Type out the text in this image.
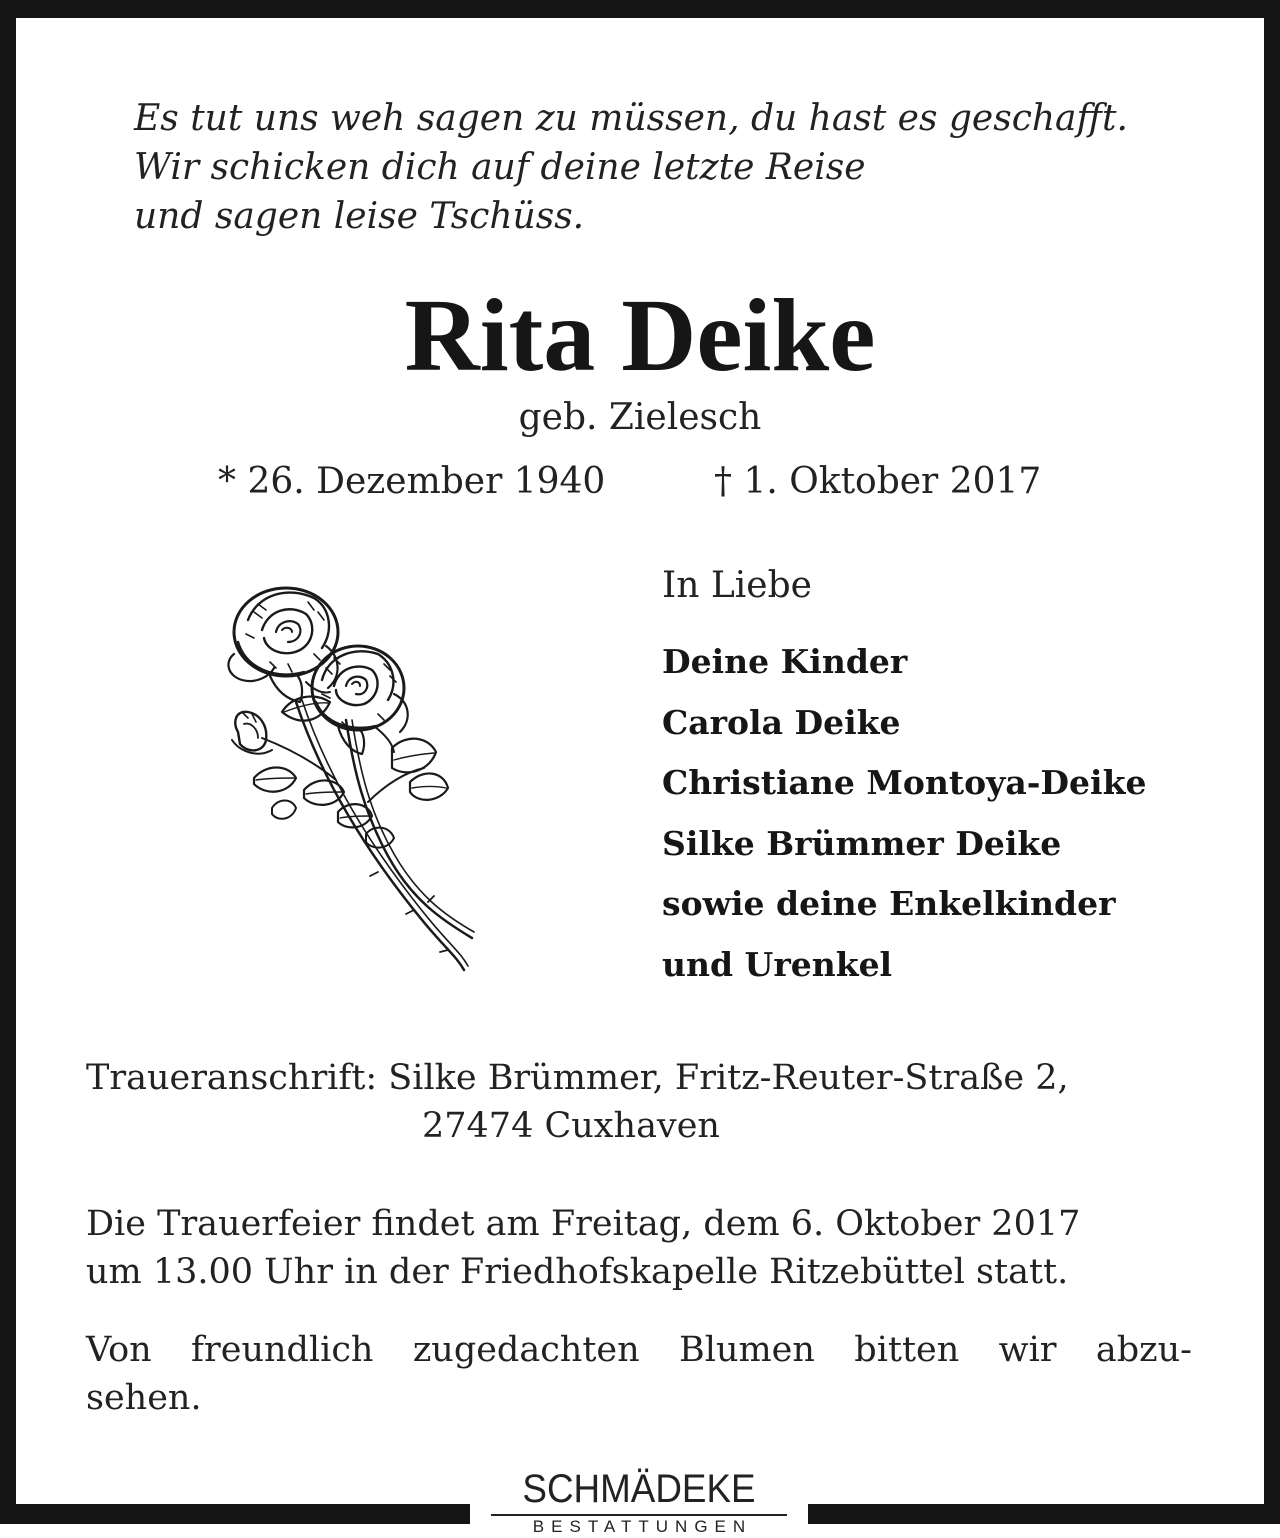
Es tut uns weh sagen zu müssen, du hast es geschafft.
Wir schicken dich auf deine letzte Reise
und sagen leise Tschüss.
Rita Deike
geb. Zielesch
* 26. Dezember 1940	† 1. Oktober 2017
In Liebe
Deine Kinder
Carola Deike
Christiane Montoya-Deike
Silke Brümmer Deike
sowie deine Enkelkinder
und Urenkel
Traueranschrift: Silke Brümmer, Fritz-Reuter-Straße 2,
27474 Cuxhaven
Die Trauerfeier findet am Freitag, dem 6. Oktober 2017
um 13.00 Uhr in der Friedhofskapelle Ritzebüttel statt.
Von freundlich zugedachten Blumen bitten wir abzu-
sehen.
SCHMÄDEKE
BESTATTUNGEN
